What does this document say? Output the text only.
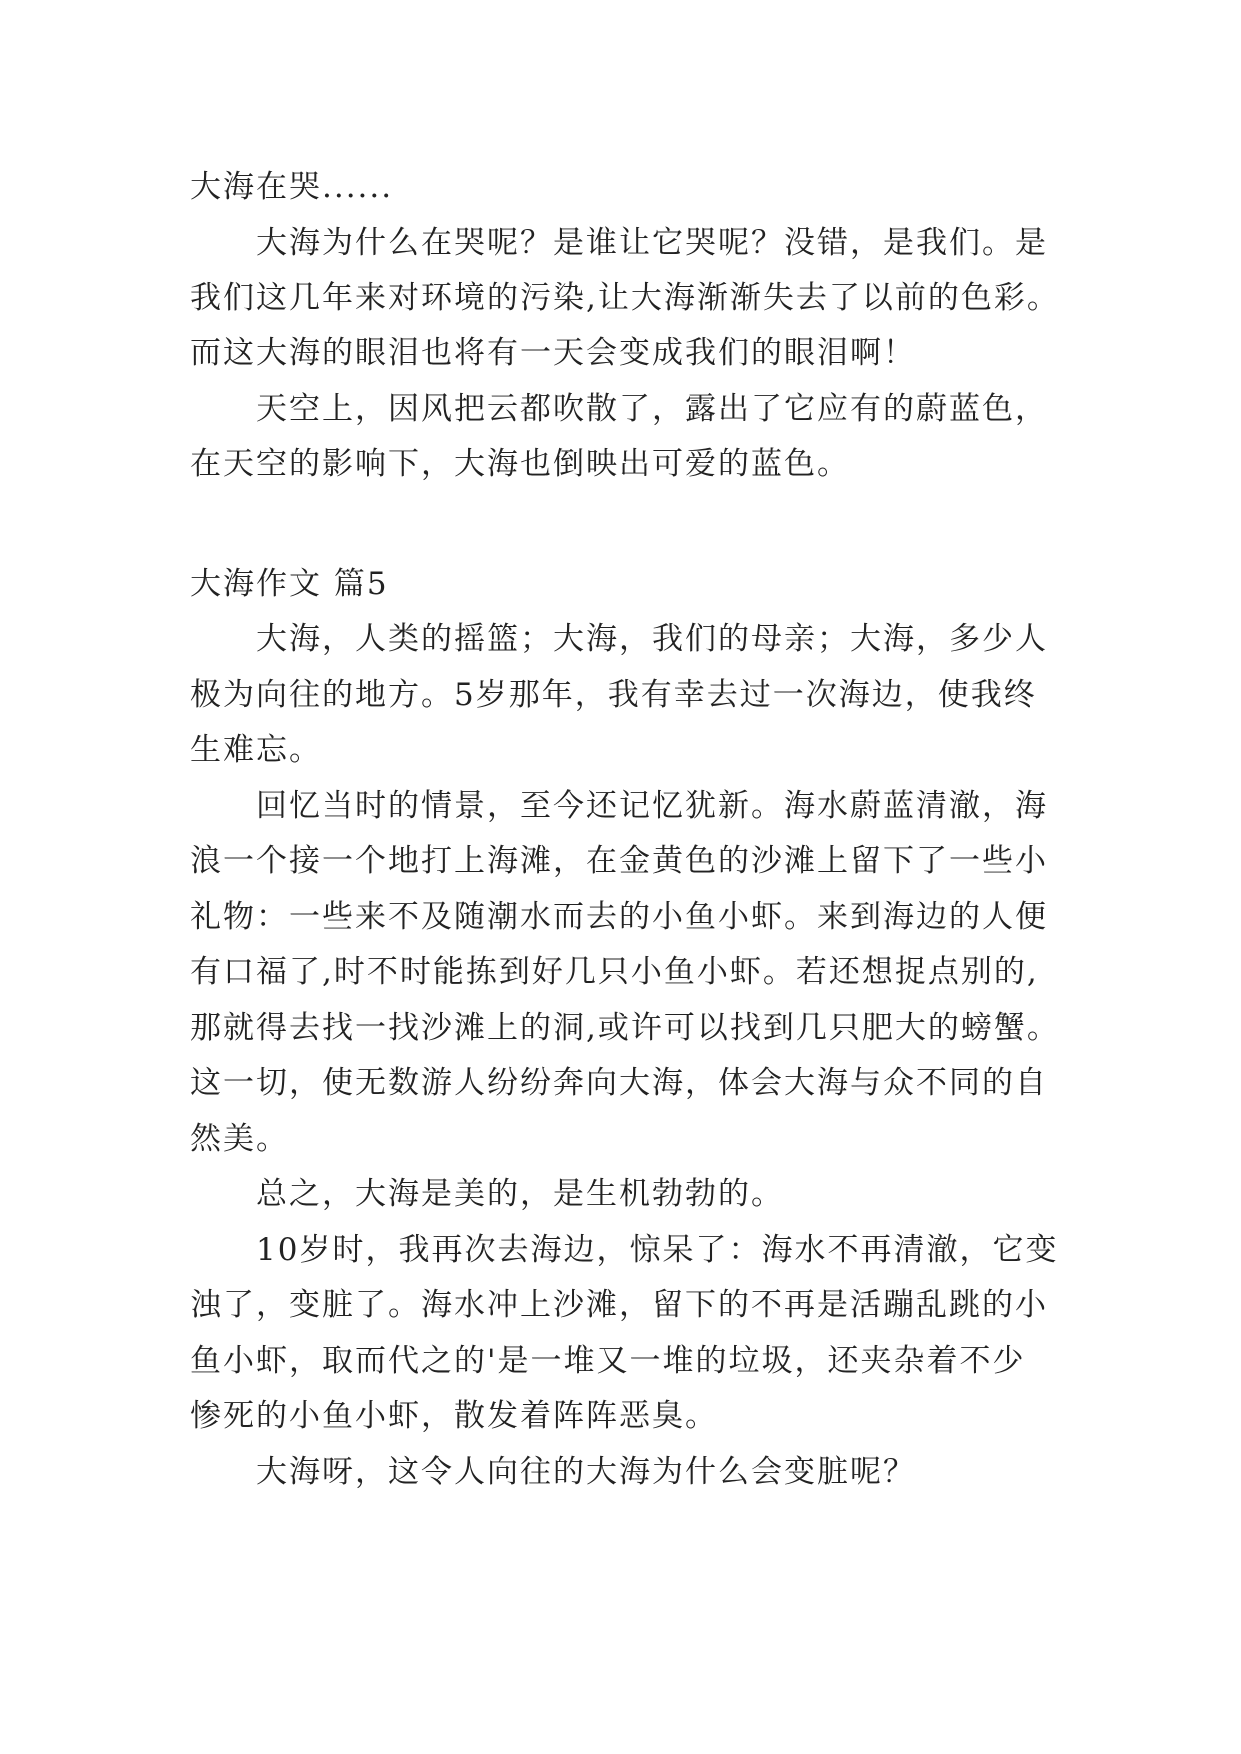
大海在哭......
大海为什么在哭呢？是谁让它哭呢？没错，是我们。是
我们这几年来对环境的污染,让大海渐渐失去了以前的色彩。
而这大海的眼泪也将有一天会变成我们的眼泪啊！
天空上，因风把云都吹散了，露出了它应有的蔚蓝色，
在天空的影响下，大海也倒映出可爱的蓝色。
大海作文 篇5
大海，人类的摇篮；大海，我们的母亲；大海，多少人
极为向往的地方。5岁那年，我有幸去过一次海边，使我终
生难忘。
回忆当时的情景，至今还记忆犹新。海水蔚蓝清澈，海
浪一个接一个地打上海滩，在金黄色的沙滩上留下了一些小
礼物：一些来不及随潮水而去的小鱼小虾。来到海边的人便
有口福了,时不时能拣到好几只小鱼小虾。若还想捉点别的,
那就得去找一找沙滩上的洞,或许可以找到几只肥大的螃蟹。
这一切，使无数游人纷纷奔向大海，体会大海与众不同的自
然美。
总之，大海是美的，是生机勃勃的。
10岁时，我再次去海边，惊呆了：海水不再清澈，它变
浊了，变脏了。海水冲上沙滩，留下的不再是活蹦乱跳的小
鱼小虾，取而代之的'是一堆又一堆的垃圾，还夹杂着不少
惨死的小鱼小虾，散发着阵阵恶臭。
大海呀，这令人向往的大海为什么会变脏呢？
